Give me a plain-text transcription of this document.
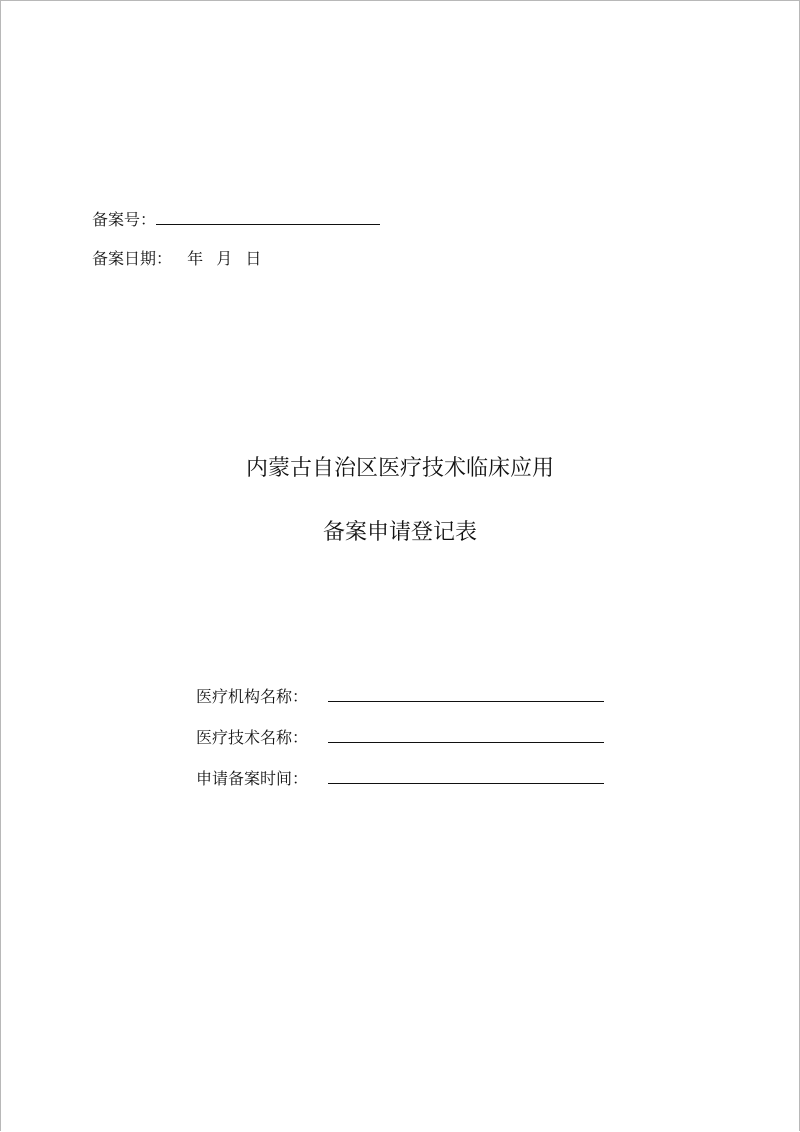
备案号：
备案日期： 年 月 日
内蒙古自治区医疗技术临床应用
备案申请登记表
医疗机构名称：
医疗技术名称：
申请备案时间：
